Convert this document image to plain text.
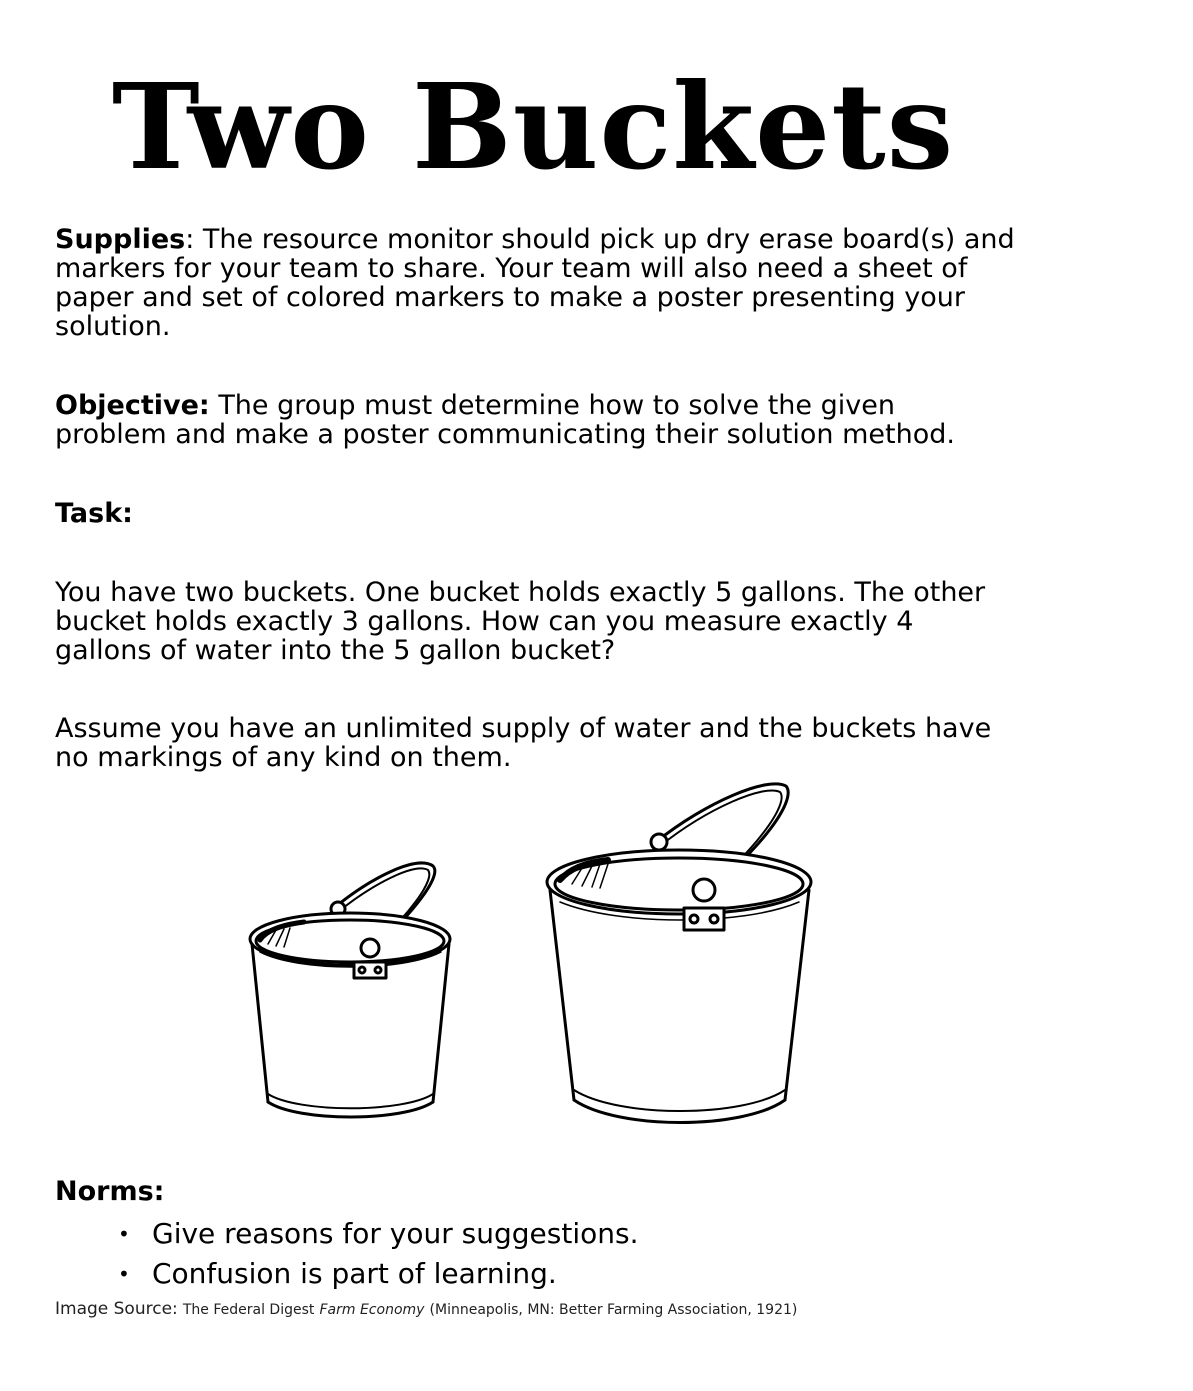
Two Buckets

Supplies: The resource monitor should pick up dry erase board(s) and markers for your team to share. Your team will also need a sheet of paper and set of colored markers to make a poster presenting your solution.

Objective: The group must determine how to solve the given problem and make a poster communicating their solution method.

Task:

You have two buckets. One bucket holds exactly 5 gallons. The other bucket holds exactly 3 gallons. How can you measure exactly 4 gallons of water into the 5 gallon bucket?

Assume you have an unlimited supply of water and the buckets have no markings of any kind on them.

Norms:
• Give reasons for your suggestions.
• Confusion is part of learning.
Image Source: The Federal Digest Farm Economy (Minneapolis, MN: Better Farming Association, 1921)
